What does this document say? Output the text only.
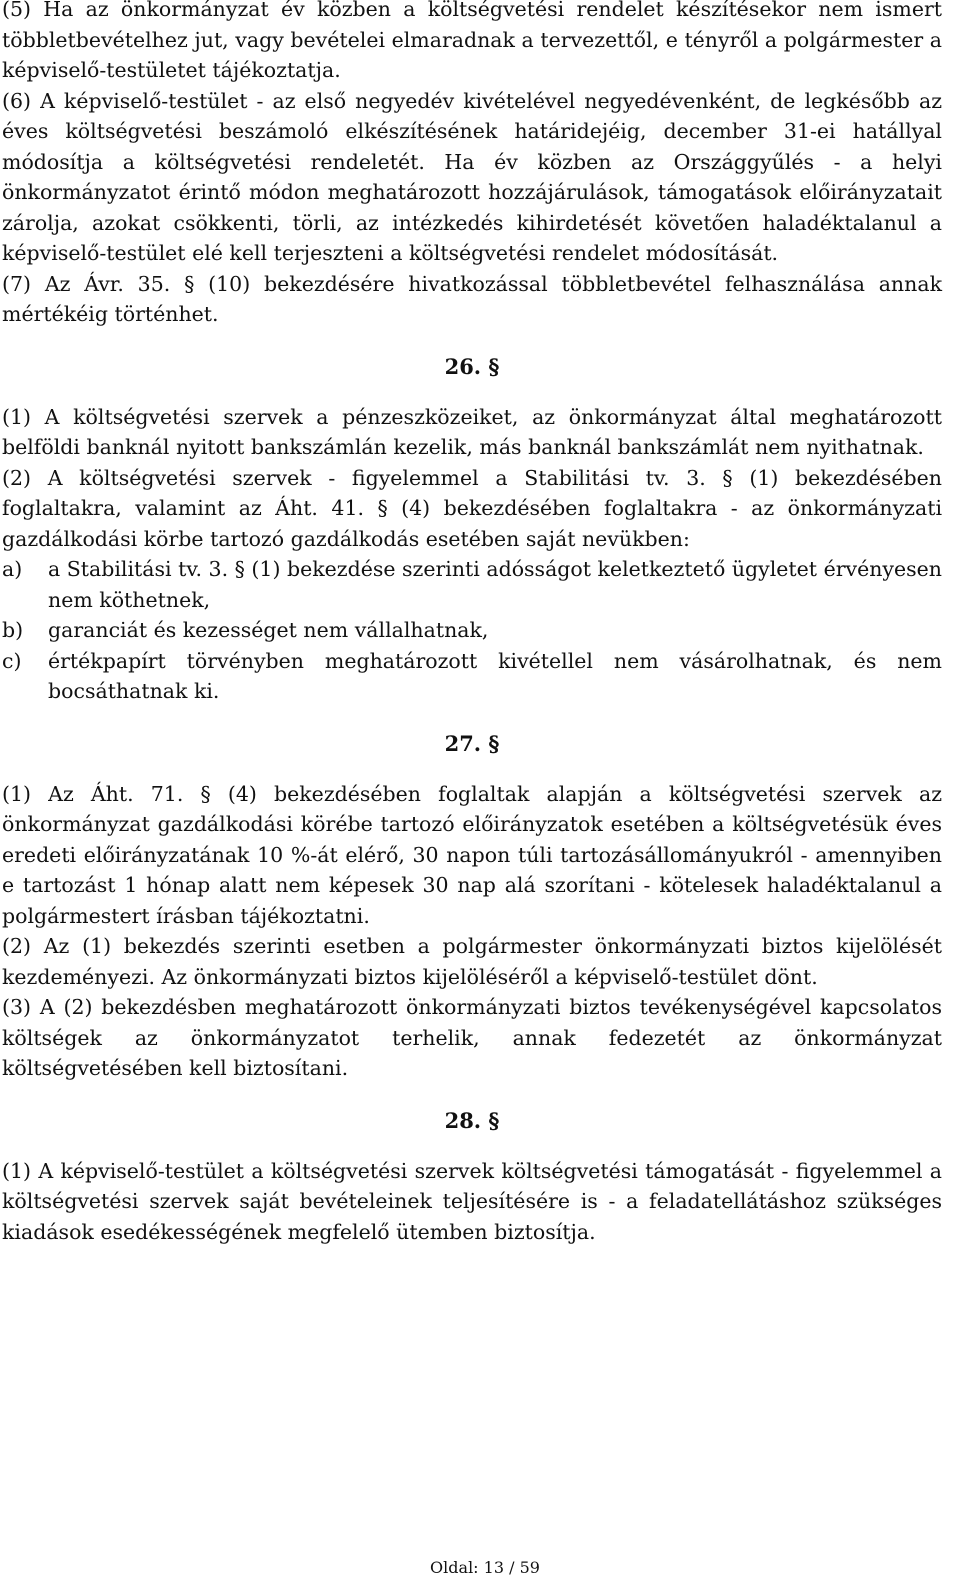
(5) Ha az önkormányzat év közben a költségvetési rendelet készítésekor nem ismert többletbevételhez jut, vagy bevételei elmaradnak a tervezettől, e tényről a polgármester a képviselő-testületet tájékoztatja.

(6) A képviselő-testület - az első negyedév kivételével negyedévenként, de legkésőbb az éves költségvetési beszámoló elkészítésének határidejéig, december 31-ei hatállyal módosítja a költségvetési rendeletét. Ha év közben az Országgyűlés - a helyi önkormányzatot érintő módon meghatározott hozzájárulások, támogatások előirányzatait zárolja, azokat csökkenti, törli, az intézkedés kihirdetését követően haladéktalanul a képviselő-testület elé kell terjeszteni a költségvetési rendelet módosítását.

(7) Az Ávr. 35. § (10) bekezdésére hivatkozással többletbevétel felhasználása annak mértékéig történhet.

26. §

(1) A költségvetési szervek a pénzeszközeiket, az önkormányzat által meghatározott belföldi banknál nyitott bankszámlán kezelik, más banknál bankszámlát nem nyithatnak.

(2) A költségvetési szervek - figyelemmel a Stabilitási tv. 3. § (1) bekezdésében foglaltakra, valamint az Áht. 41. § (4) bekezdésében foglaltakra - az önkormányzati gazdálkodási körbe tartozó gazdálkodás esetében saját nevükben:

a) a Stabilitási tv. 3. § (1) bekezdése szerinti adósságot keletkeztető ügyletet érvényesen nem köthetnek,
b) garanciát és kezességet nem vállalhatnak,
c) értékpapírt törvényben meghatározott kivétellel nem vásárolhatnak, és nem bocsáthatnak ki.
27. §

(1) Az Áht. 71. § (4) bekezdésében foglaltak alapján a költségvetési szervek az önkormányzat gazdálkodási körébe tartozó előirányzatok esetében a költségvetésük éves eredeti előirányzatának 10 %-át elérő, 30 napon túli tartozásállományukról - amennyiben e tartozást 1 hónap alatt nem képesek 30 nap alá szorítani - kötelesek haladéktalanul a polgármestert írásban tájékoztatni.

(2) Az (1) bekezdés szerinti esetben a polgármester önkormányzati biztos kijelölését kezdeményezi. Az önkormányzati biztos kijelöléséről a képviselő-testület dönt.

(3) A (2) bekezdésben meghatározott önkormányzati biztos tevékenységével kapcsolatos költségek az önkormányzatot terhelik, annak fedezetét az önkormányzat költségvetésében kell biztosítani.

28. §

(1) A képviselő-testület a költségvetési szervek költségvetési támogatását - figyelemmel a költségvetési szervek saját bevételeinek teljesítésére is - a feladatellátáshoz szükséges kiadások esedékességének megfelelő ütemben biztosítja.

Oldal: 13 / 59
